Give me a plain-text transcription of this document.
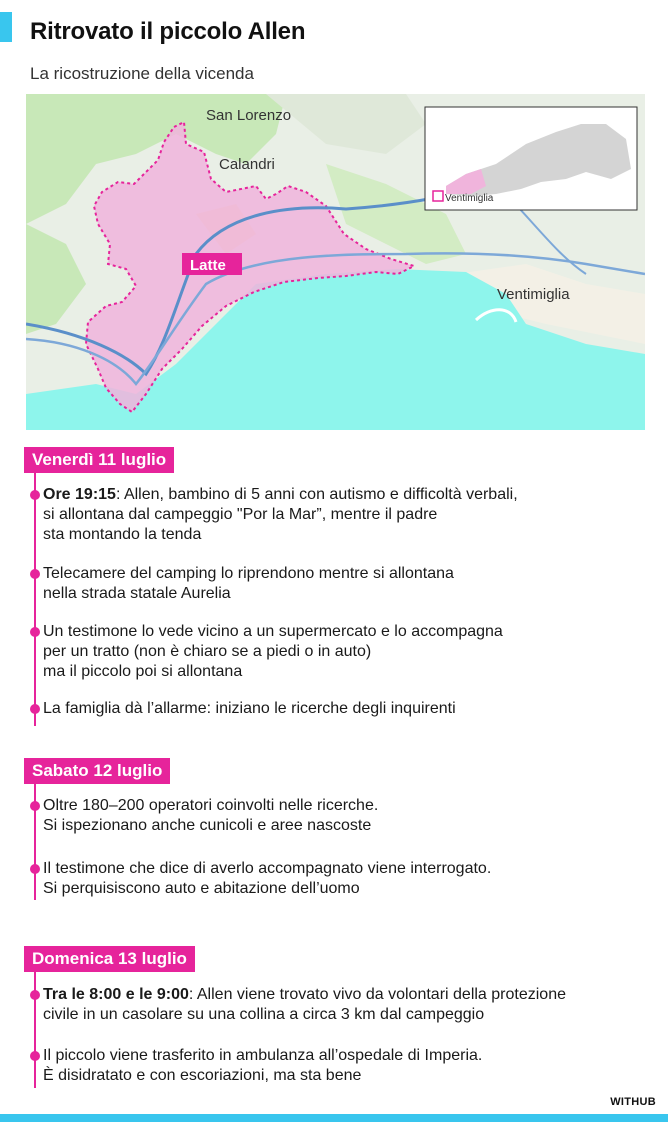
Ritrovato il piccolo Allen
La ricostruzione della vicenda
San Lorenzo
Calandri
Latte
Ventimiglia
Ventimiglia
Venerdì 11 luglio
Ore 19:15: Allen, bambino di 5 anni con autismo e difficoltà verbali,
si allontana dal campeggio "Por la Mar”, mentre il padre
sta montando la tenda
Telecamere del camping lo riprendono mentre si allontana
nella strada statale Aurelia
Un testimone lo vede vicino a un supermercato e lo accompagna
per un tratto (non è chiaro se a piedi o in auto)
ma il piccolo poi si allontana
La famiglia dà l’allarme: iniziano le ricerche degli inquirenti
Sabato 12 luglio
Oltre 180–200 operatori coinvolti nelle ricerche.
Si ispezionano anche cunicoli e aree nascoste
Il testimone che dice di averlo accompagnato viene interrogato.
Si perquisiscono auto e abitazione dell’uomo
Domenica 13 luglio
Tra le 8:00 e le 9:00: Allen viene trovato vivo da volontari della protezione
civile in un casolare su una collina a circa 3 km dal campeggio
Il piccolo viene trasferito in ambulanza all’ospedale di Imperia.
È disidratato e con escoriazioni, ma sta bene
WITHUB
